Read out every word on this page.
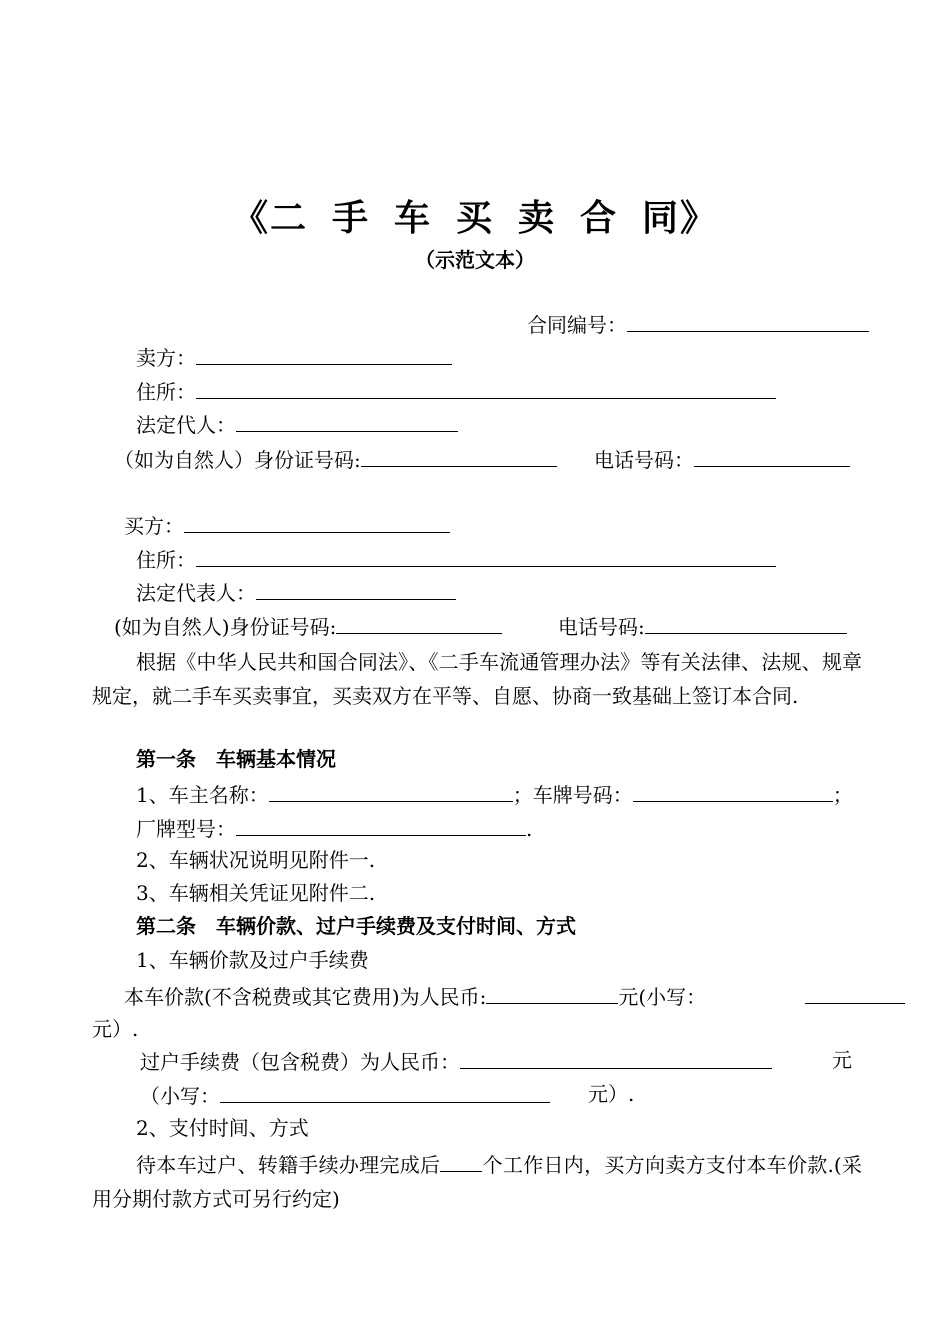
《二 手 车 买 卖 合 同》
（示范文本）
合同编号：
卖方：
住所：
法定代人：
（如为自然人）身份证号码:	电话号码：
买方：
住所：
法定代表人：
(如为自然人)身份证号码:	电话号码:
根据《中华人民共和国合同法》、《二手车流通管理办法》等有关法律、法规、规章规定，就二手车买卖事宜，买卖双方在平等、自愿、协商一致基础上签订本合同.
第一条　车辆基本情况
1、车主名称：	；车牌号码：	；
厂牌型号：	.
2、车辆状况说明见附件一.
3、车辆相关凭证见附件二.
第二条　车辆价款、过户手续费及支付时间、方式
1、车辆价款及过户手续费
本车价款(不含税费或其它费用)为人民币:	元(小写：
元）.
过户手续费（包含税费）为人民币：	元
（小写：	元）.
2、支付时间、方式
待本车过户、转籍手续办理完成后 个工作日内，买方向卖方支付本车价款.(采用分期付款方式可另行约定)
